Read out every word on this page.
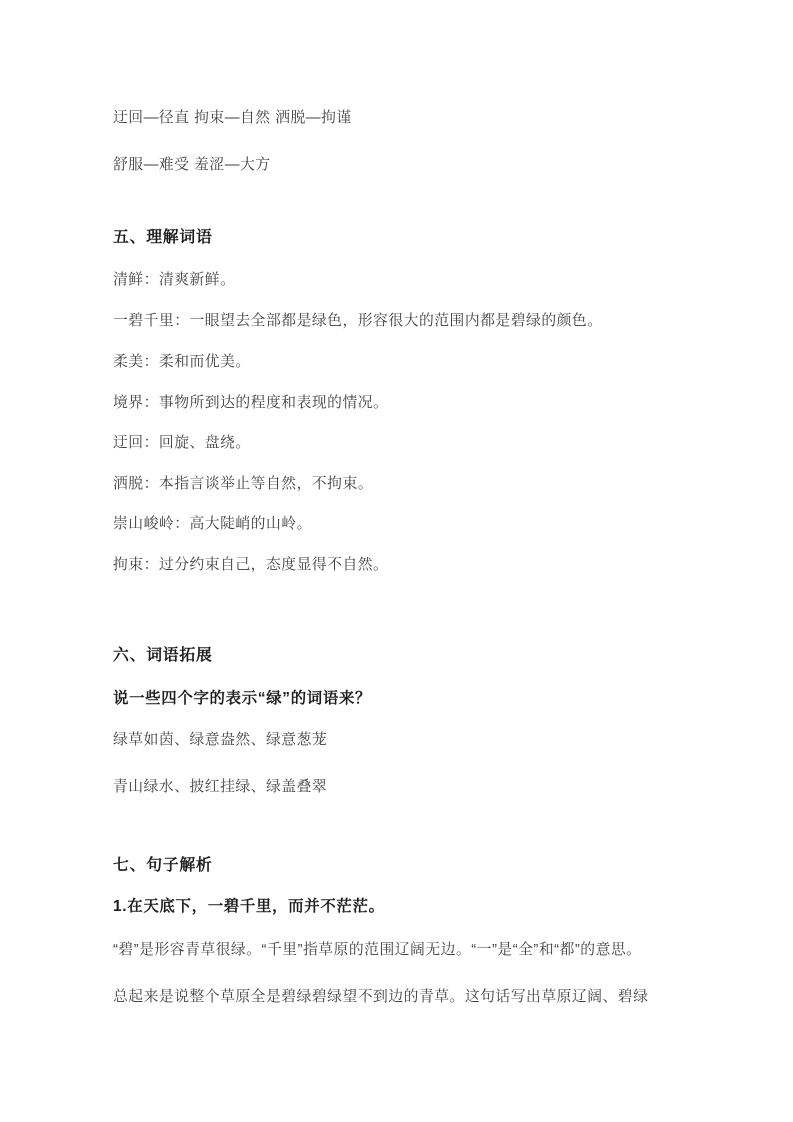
迂回—径直 拘束—自然 洒脱—拘谨
舒服—难受 羞涩—大方
五、理解词语
清鲜：清爽新鲜。
一碧千里：一眼望去全部都是绿色，形容很大的范围内都是碧绿的颜色。
柔美：柔和而优美。
境界：事物所到达的程度和表现的情况。
迂回：回旋、盘绕。
洒脱：本指言谈举止等自然，不拘束。
崇山峻岭：高大陡峭的山岭。
拘束：过分约束自己，态度显得不自然。
六、词语拓展
说一些四个字的表示“绿”的词语来？
绿草如茵、绿意盎然、绿意葱茏
青山绿水、披红挂绿、绿盖叠翠
七、句子解析
1.在天底下，一碧千里，而并不茫茫。
“碧”是形容青草很绿。“千里”指草原的范围辽阔无边。“一”是“全”和“都”的意思。
总起来是说整个草原全是碧绿碧绿望不到边的青草。这句话写出草原辽阔、碧绿
